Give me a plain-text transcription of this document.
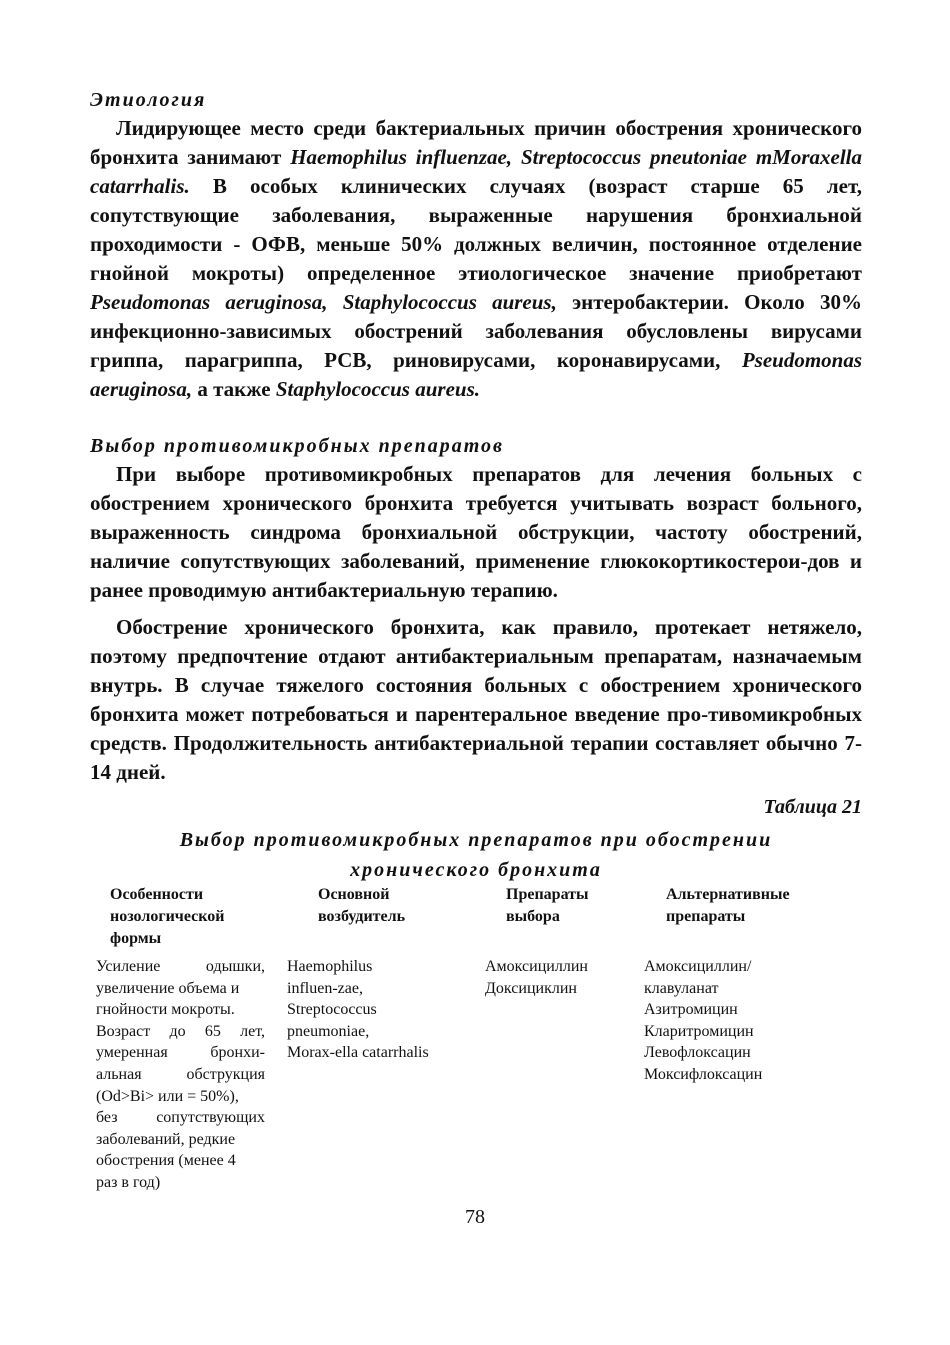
Этиология

Лидирующее место среди бактериальных причин обострения хронического бронхита занимают Haemophilus influenzae, Streptococcus pneutoniae mMoraxella catarrhalis. В особых клинических случаях (возраст старше 65 лет, сопутствующие заболевания, выраженные нарушения бронхиальной проходимости - ОФВ, меньше 50% должных величин, постоянное отделение гнойной мокроты) определенное этиологическое значение приобретают Pseudomonas aeruginosa, Staphylococcus aureus, энтеробактерии. Около 30% инфекционно-зависимых обострений заболевания обусловлены вирусами гриппа, парагриппа, РСВ, риновирусами, коронавирусами, Pseudomonas aeruginosa, а также Staphylococcus aureus.

Выбор противомикробных препаратов

При выборе противомикробных препаратов для лечения больных с обострением хронического бронхита требуется учитывать возраст больного, выраженность синдрома бронхиальной обструкции, частоту обострений, наличие сопутствующих заболеваний, применение глюкокортикостерои-дов и ранее проводимую антибактериальную терапию.

Обострение хронического бронхита, как правило, протекает нетяжело, поэтому предпочтение отдают антибактериальным препаратам, назначаемым внутрь. В случае тяжелого состояния больных с обострением хронического бронхита может потребоваться и парентеральное введение про-тивомикробных средств. Продолжительность антибактериальной терапии составляет обычно 7-14 дней.

Таблица 21

Выбор противомикробных препаратов при обострении
хронического бронхита

Особенности
нозологической
формы
Основной
возбудитель
Препараты
выбора
Альтернативные
препараты
Усиление одышки,
увеличение объема и
гнойности мокроты.
Возраст до 65 лет,
умеренная бронхи-
альная обструкция
(Od>Bi> или = 50%),
без сопутствующих
заболеваний, редкие
обострения (менее 4
раз в год)
Haemophilus
influen-zae,
Streptococcus
pneumoniae,
Morax-ella catarrhalis
Амоксициллин
Доксициклин
Амоксициллин/
клавуланат
Азитромицин
Кларитромицин
Левофлоксацин
Моксифлоксацин
78
